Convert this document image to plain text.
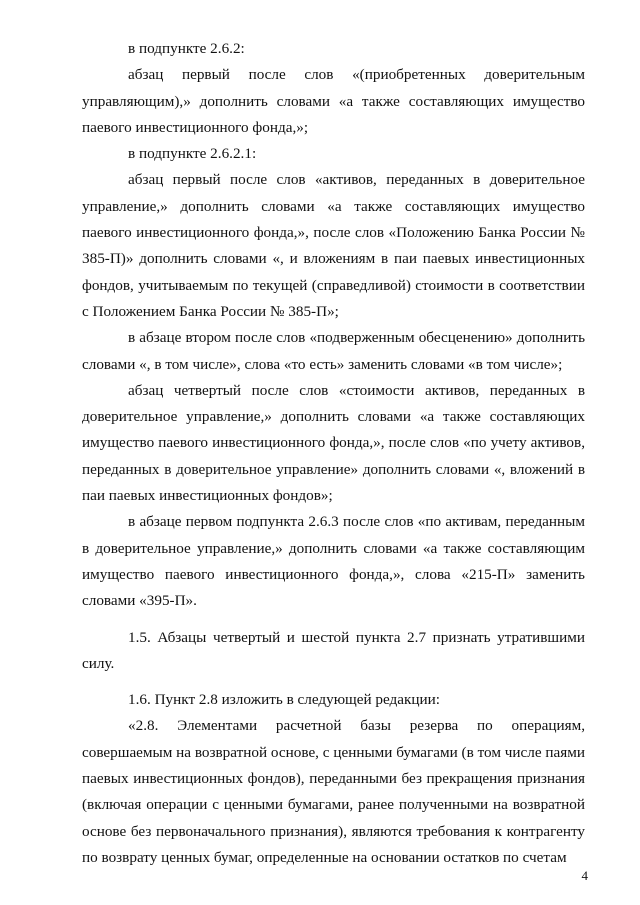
в подпункте 2.6.2:

абзац первый после слов «(приобретенных доверительным управляющим),» дополнить словами «а также составляющих имущество паевого инвестиционного фонда,»;

в подпункте 2.6.2.1:

абзац первый после слов «активов, переданных в доверительное управление,» дополнить словами «а также составляющих имущество паевого инвестиционного фонда,», после слов «Положению Банка России № 385-П)» дополнить словами «, и вложениям в паи паевых инвестиционных фондов, учитываемым по текущей (справедливой) стоимости в соответствии с Положением Банка России № 385-П»;

в абзаце втором после слов «подверженным обесценению» дополнить словами «, в том числе», слова «то есть» заменить словами «в том числе»;

абзац четвертый после слов «стоимости активов, переданных в доверительное управление,» дополнить словами «а также составляющих имущество паевого инвестиционного фонда,», после слов «по учету активов, переданных в доверительное управление» дополнить словами «, вложений в паи паевых инвестиционных фондов»;

в абзаце первом подпункта 2.6.3 после слов «по активам, переданным в доверительное управление,» дополнить словами «а также составляющим имущество паевого инвестиционного фонда,», слова «215-П» заменить словами «395-П».

1.5. Абзацы четвертый и шестой пункта 2.7 признать утратившими силу.

1.6. Пункт 2.8 изложить в следующей редакции:

«2.8. Элементами расчетной базы резерва по операциям, совершаемым на возвратной основе, с ценными бумагами (в том числе паями паевых инвестиционных фондов), переданными без прекращения признания (включая операции с ценными бумагами, ранее полученными на возвратной основе без первоначального признания), являются требования к контрагенту по возврату ценных бумаг, определенные на основании остатков по счетам

4
